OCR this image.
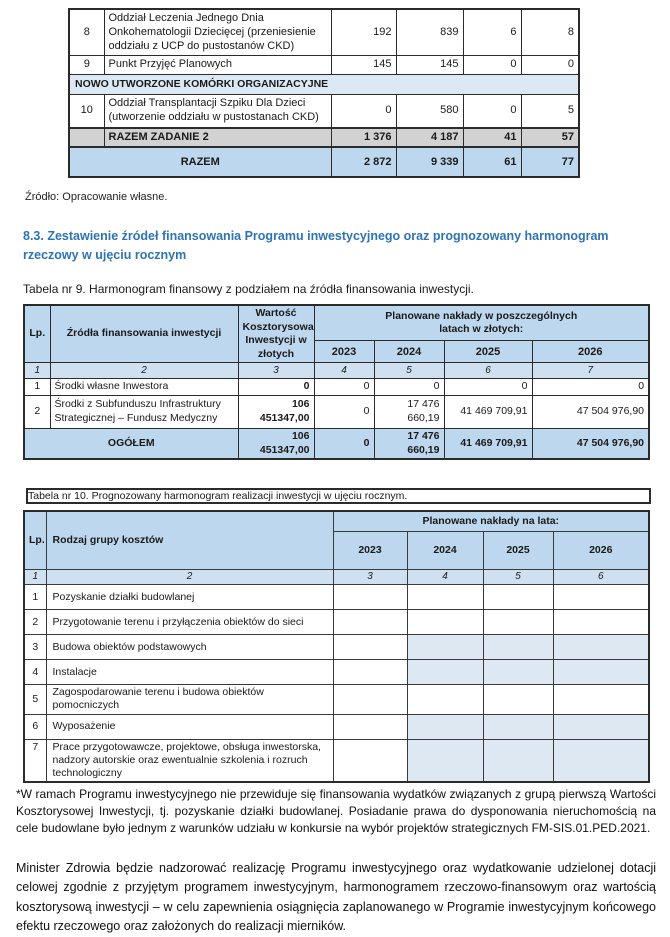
8	Oddział Leczenia Jednego Dnia Onkohematologii Dziecięcej (przeniesienie oddziału z UCP do pustostanów CKD)	192	839	6	8
9	Punkt Przyjęć Planowych	145	145	0	0
NOWO UTWORZONE KOMÓRKI ORGANIZACYJNE					
10	Oddział Transplantacji Szpiku Dla Dzieci (utworzenie oddziału w pustostanach CKD)	0	580	0	5
	RAZEM ZADANIE 2	1 376	4 187	41	57
RAZEM		2 872	9 339	61	77

Źródło: Opracowanie własne.

8.3. Zestawienie źródeł finansowania Programu inwestycyjnego oraz prognozowany harmonogram rzeczowy w ujęciu rocznym

Tabela nr 9. Harmonogram finansowy z podziałem na źródła finansowania inwestycji.

Lp.	Źródła finansowania inwestycji	Wartość Kosztorysowa Inwestycji w złotych	Planowane nakłady w poszczególnych
latach w złotych:			

			2023	2024	2025	2026
1	2	3	4	5	6	7
1	Środki własne Inwestora	0	0	0	0	0
2	Środki z Subfunduszu Infrastruktury Strategicznej – Fundusz Medyczny	106 451347,00	0	17 476 660,19	41 469 709,91	47 504 976,90
OGÓŁEM		106 451347,00	0	17 476 660,19	41 469 709,91	47 504 976,90

Tabela nr 10. Prognozowany harmonogram realizacji inwestycji w ujęciu rocznym.

Lp.	Rodzaj grupy kosztów	Planowane nakłady na lata:			
		2023	2024	2025	2026
1	2	3	4	5	6
1	Pozyskanie działki budowlanej				
2	Przygotowanie terenu i przyłączenia obiektów do sieci				
3	Budowa obiektów podstawowych				
4	Instalacje				
5	Zagospodarowanie terenu i budowa obiektów pomocniczych				
6	Wyposażenie				
7	Prace przygotowawcze, projektowe, obsługa inwestorska, nadzory autorskie oraz ewentualnie szkolenia i rozruch technologiczny				

*W ramach Programu inwestycyjnego nie przewiduje się finansowania wydatków związanych z grupą pierwszą Wartości Kosztorysowej Inwestycji, tj. pozyskanie działki budowlanej. Posiadanie prawa do dysponowania nieruchomością na cele budowlane było jednym z warunków udziału w konkursie na wybór projektów strategicznych FM-SIS.01.PED.2021.

Minister Zdrowia będzie nadzorować realizację Programu inwestycyjnego oraz wydatkowanie udzielonej dotacji celowej zgodnie z przyjętym programem inwestycyjnym, harmonogramem rzeczowo-finansowym oraz wartością kosztorysową inwestycji – w celu zapewnienia osiągnięcia zaplanowanego w Programie inwestycyjnym końcowego efektu rzeczowego oraz założonych do realizacji mierników.
